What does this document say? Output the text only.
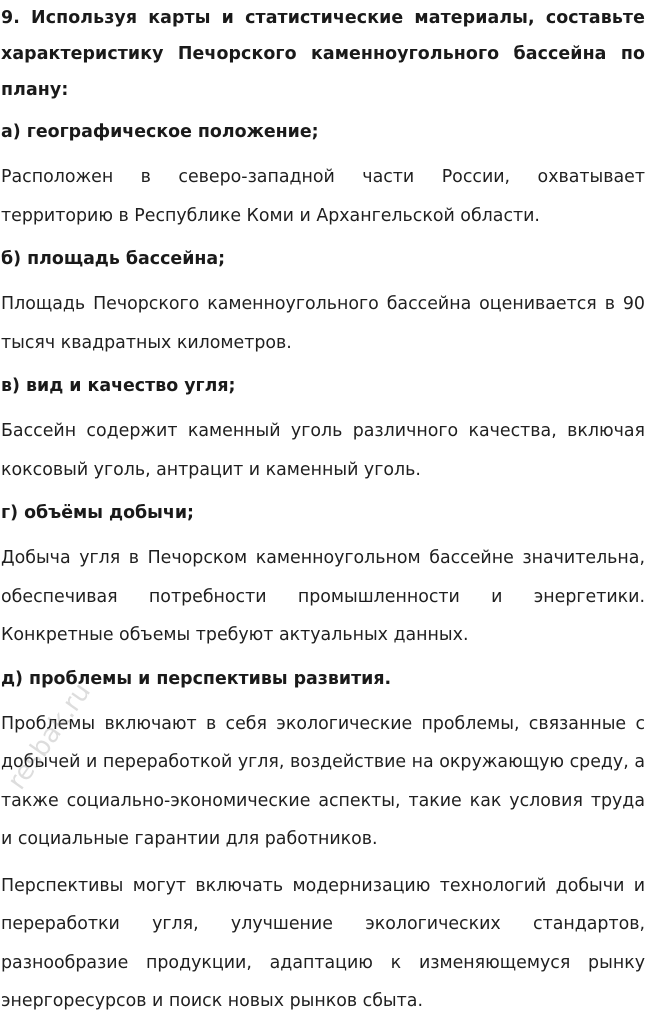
9. Используя карты и статистические материалы, составьте характеристику Печорского каменноугольного бассейна по плану:

а) географическое положение;

Расположен в северо-западной части России, охватывает территорию в Республике Коми и Архангельской области.

б) площадь бассейна;

Площадь Печорского каменноугольного бассейна оценивается в 90 тысяч квадратных километров.

в) вид и качество угля;

Бассейн содержит каменный уголь различного качества, включая коксовый уголь, антрацит и каменный уголь.

г) объёмы добычи;

Добыча угля в Печорском каменноугольном бассейне значительна, обеспечивая потребности промышленности и энергетики. Конкретные объемы требуют актуальных данных.

д) проблемы и перспективы развития.

Проблемы включают в себя экологические проблемы, связанные с добычей и переработкой угля, воздействие на окружающую среду, а также социально-экономические аспекты, такие как условия труда и социальные гарантии для работников.

Перспективы могут включать модернизацию технологий добычи и переработки угля, улучшение экологических стандартов, разнообразие продукции, адаптацию к изменяющемуся рынку энергоресурсов и поиск новых рынков сбыта.

resbak.ru
